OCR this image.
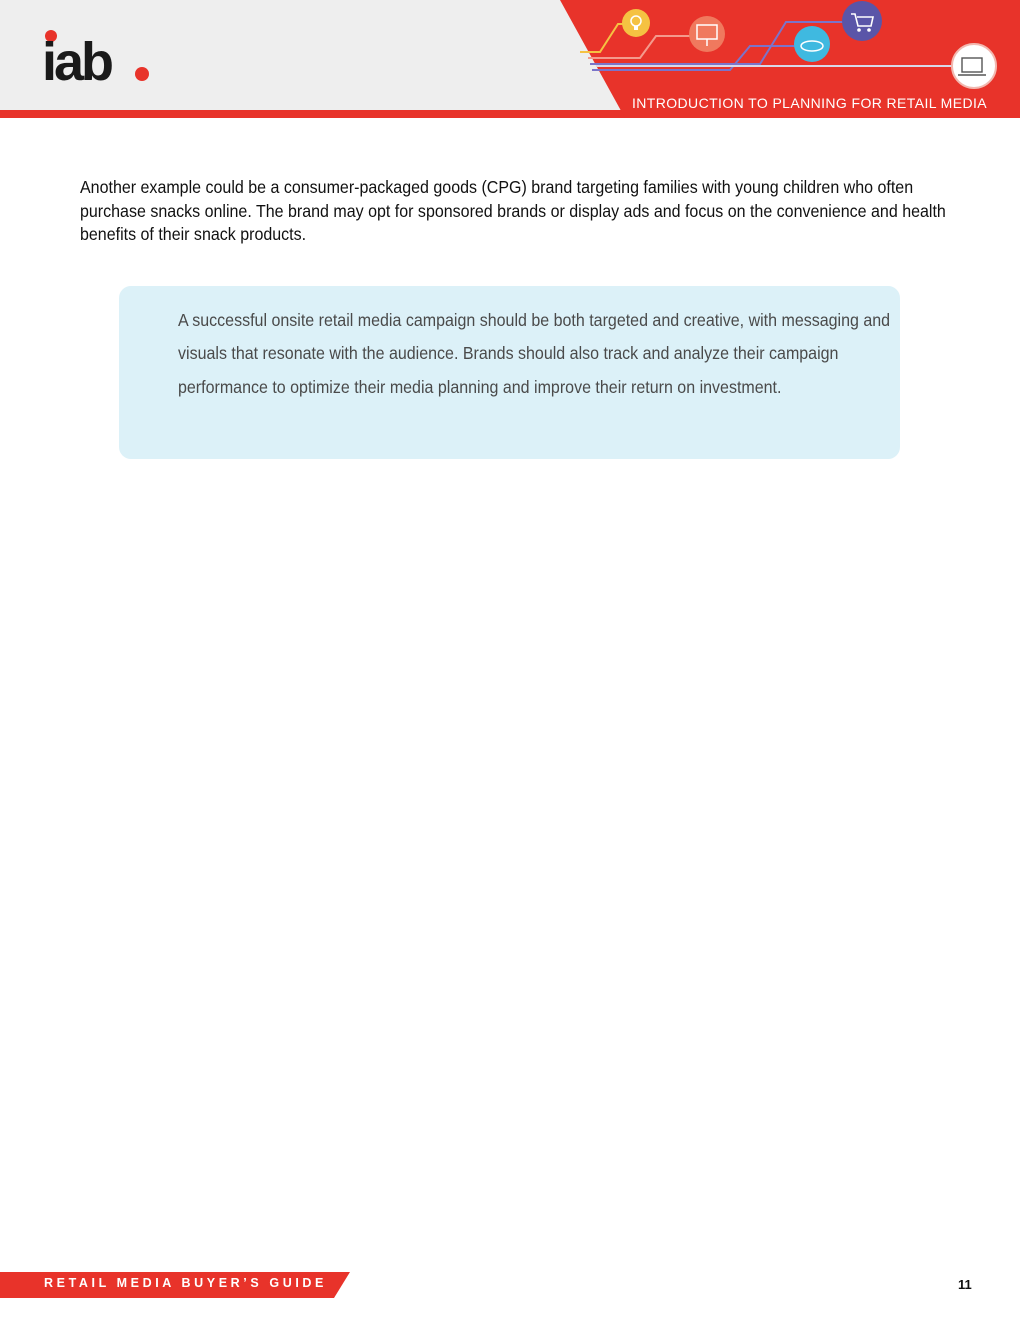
iab
INTRODUCTION TO PLANNING FOR RETAIL MEDIA

Another example could be a consumer-packaged goods (CPG) brand targeting families with young children who often purchase snacks online. The brand may opt for sponsored brands or display ads and focus on the convenience and health benefits of their snack products.

A successful onsite retail media campaign should be both targeted and creative, with messaging and visuals that resonate with the audience. Brands should also track and analyze their campaign performance to optimize their media planning and improve their return on investment.

RETAIL MEDIA BUYER’S GUIDE	11
